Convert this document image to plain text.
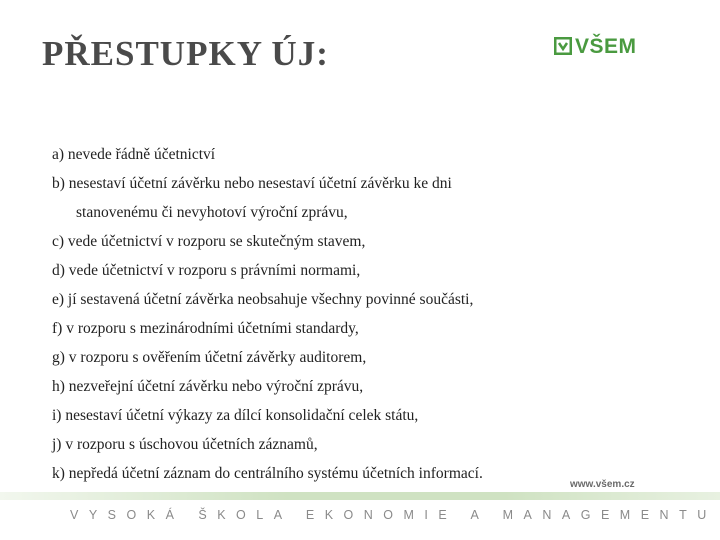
PŘESTUPKY ÚJ:	VŠEM
a) nevede řádně účetnictví
b) nesestaví účetní závěrku nebo nesestaví účetní závěrku ke dni
stanovenému či nevyhotoví výroční zprávu,
c) vede účetnictví v rozporu se skutečným stavem,
d) vede účetnictví v rozporu s právními normami,
e) jí sestavená účetní závěrka neobsahuje všechny povinné součásti,
f) v rozporu s mezinárodními účetními standardy,
g) v rozporu s ověřením účetní závěrky auditorem,
h) nezveřejní účetní závěrku nebo výroční zprávu,
i) nesestaví účetní výkazy za dílcí konsolidační celek státu,
j) v rozporu s úschovou účetních záznamů,
k) nepředá účetní záznam do centrálního systému účetních informací.
www.všem.cz

VYSOKÁ ŠKOLA EKONOMIE A MANAGEMENTU
